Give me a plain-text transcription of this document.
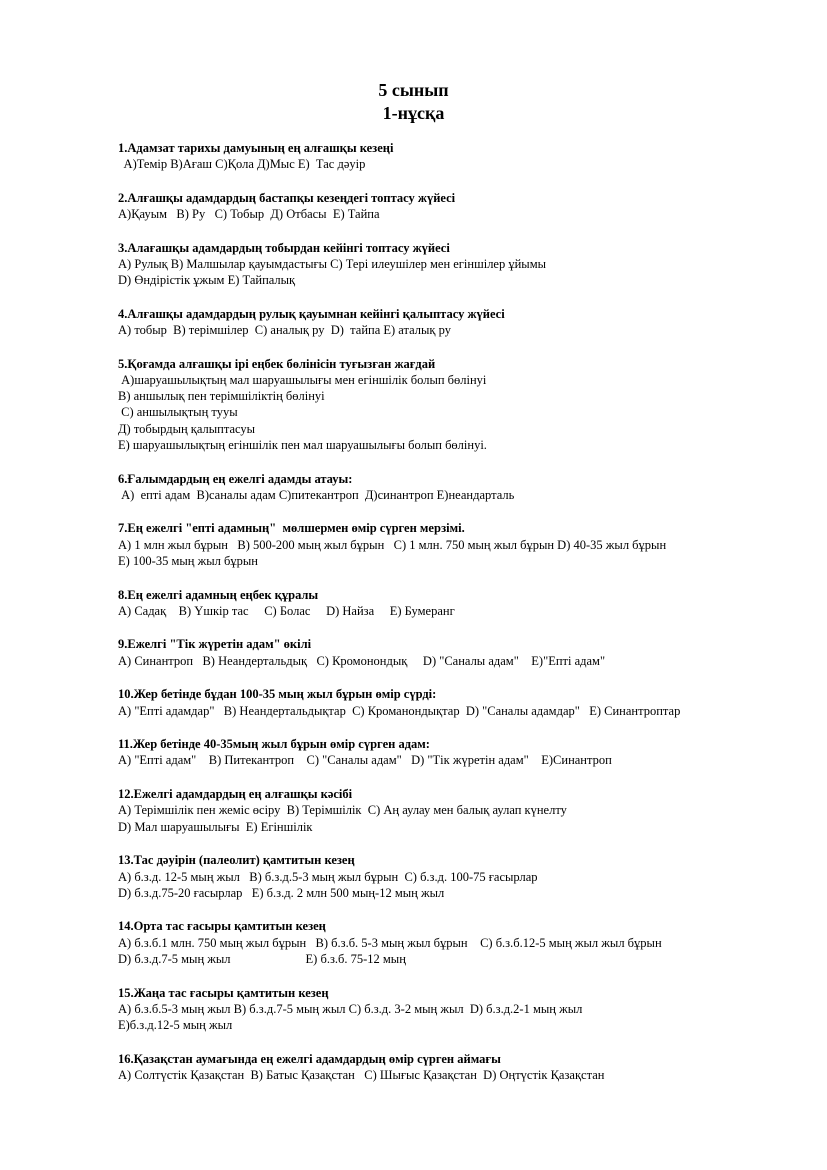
5 сынып
1-нұсқа
1.Адамзат тарихы дамуының ең алғашқы кезеңі
A)Темір В)Ағаш С)Қола Д)Мыс Е)  Тас дәуір
2.Алғашқы адамдардың бастапқы кезеңдегі топтасу жүйесі
А)Қауым   В) Ру   С) Тобыр  Д) Отбасы  Е) Тайпа
3.Алағашқы адамдардың тобырдан кейінгі топтасу жүйесі
А) Рулық В) Малшылар қауымдастығы С) Тері илеушілер мен егіншілер ұйымы
D) Өндірістік ұжым Е) Тайпалық
4.Алғашқы адамдардың рулық қауымнан кейінгі қалыптасу жүйесі
А) тобыр  В) терімшілер  С) аналық ру  D)  тайпа Е) аталық ру
5.Қоғамда алғашқы ірі еңбек бөлінісін туғызған жағдай
А)шаруашылықтың мал шаруашылығы мен егіншілік болып бөлінуі
В) аншылық пен терімшіліктің бөлінуі
С) аншылықтың тууы
Д) тобырдың қалыптасуы
Е) шаруашылықтың егіншілік пен мал шаруашылығы болып бөлінуі.
6.Ғалымдардың ең ежелгі адамды атауы:
А)  епті адам  В)саналы адам С)питекантроп  Д)синантроп Е)неандарталь
7.Ең ежелгі "епті адамның"  мөлшермен өмір сүрген мерзімі.
А) 1 млн жыл бұрын   В) 500-200 мың жыл бұрын   С) 1 млн. 750 мың жыл бұрын D) 40-35 жыл бұрын
Е) 100-35 мың жыл бұрын
8.Ең ежелгі адамның еңбек құралы
А) Садақ    В) Үшкір тас     С) Болас     D) Найза     Е) Бумеранг
9.Ежелгі "Тік жүретін адам" өкілі
А) Синантроп   В) Неандертальдық   С) Кромонондық     D) "Саналы адам"    Е)"Епті адам"
10.Жер бетінде бұдан 100-35 мың жыл бұрын өмір сүрді:
А) "Епті адамдар"   В) Неандертальдықтар  С) Кроманондықтар  D) "Саналы адамдар"   Е) Синантроптар
11.Жер бетінде 40-35мың жыл бұрын өмір сүрген адам:
А) "Епті адам"    В) Питекантроп    С) "Саналы адам"   D) "Тік жүретін адам"    Е)Синантроп
12.Ежелгі адамдардың ең алғашқы кәсібі
А) Терімшілік пен жеміс өсіру  В) Терімшілік  С) Аң аулау мен балық аулап күнелту
D) Мал шаруашылығы  Е) Егіншілік
13.Тас дәуірін (палеолит) қамтитын кезең
А) б.з.д. 12-5 мың жыл   В) б.з.д.5-3 мың жыл бұрын  С) б.з.д. 100-75 ғасырлар
D) б.з.д.75-20 ғасырлар   Е) б.з.д. 2 млн 500 мың-12 мың жыл
14.Орта тас ғасыры қамтитын кезең
А) б.з.б.1 млн. 750 мың жыл бұрын   В) б.з.б. 5-3 мың жыл бұрын    С) б.з.б.12-5 мың жыл жыл бұрын
D) б.з.д.7-5 мың жыл                        Е) б.з.б. 75-12 мың
15.Жаңа тас ғасыры қамтитын кезең
А) б.з.б.5-3 мың жыл В) б.з.д.7-5 мың жыл С) б.з.д. 3-2 мың жыл  D) б.з.д.2-1 мың жыл
Е)б.з.д.12-5 мың жыл
16.Қазақстан аумағында ең ежелгі адамдардың өмір сүрген аймағы
А) Солтүстік Қазақстан  В) Батыс Қазақстан   С) Шығыс Қазақстан  D) Оңтүстік Қазақстан
